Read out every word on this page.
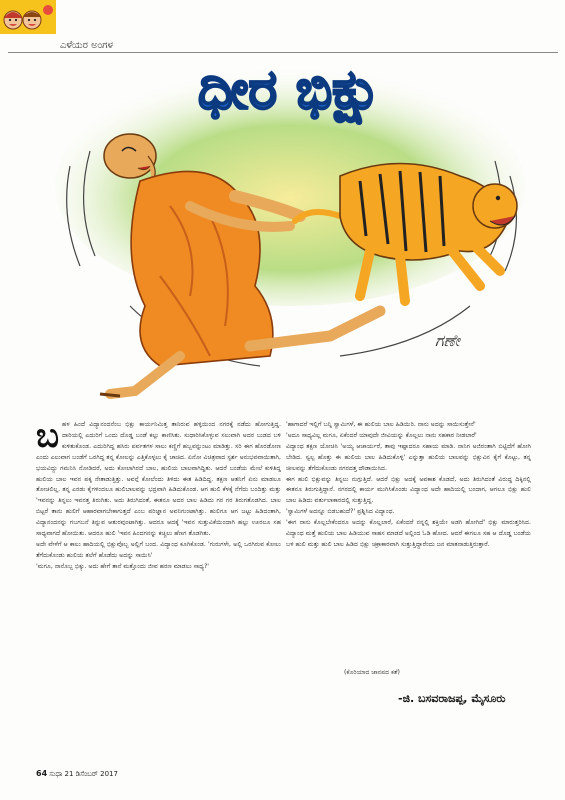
ಎಳೆಯರ ಅಂಗಳ
ಧೀರ ಭಿಕ್ಷು
ಗಣೇ
ಬ ಹಳ ಹಿಂದೆ ವಿದ್ಯಾನಂದನೆಂಬ ಭಿಕ್ಷು ಕಾರ್ಯನಿಮಿತ್ತ ತಾನಿರುವ ಹಳ್ಳಿಯಿಂದ ನಗರಕ್ಕೆ ನಡೆದು ಹೋಗುತ್ತಿದ್ದ. ದಾರಿಯಲ್ಲಿ ಎದುರಿಗೆ ಒಂದು ದೊಡ್ಡ ಬಂಡೆ ಕಲ್ಲು ಕಾಣಿಸಿತು. ಸುಧಾರಿಸಿಕೊಳ್ಳುವ ಸಲುವಾಗಿ ಅದರ ಬುಡದ ಬಳಿ ಕುಳಿತುಕೊಂಡ. ಎದುರಿಗಿದ್ದ ಹಸಿರು ಪರ್ವತಗಳ ಸಾಲು ಕಣ್ಣಿಗೆ ಹಬ್ಬವನ್ನುಂಟು ಮಾಡಿತ್ತು. ಸರಿ ಈಗ ಹೊರಡೋಣ ಎಂದು ಎಲುವಾಗ ಬಂಡೆಗೆ ಒರಗಿದ್ದ ತನ್ನ ಕೋಲನ್ನು ಎತ್ತಿಕೊಳ್ಳಲು ಕೈ ಚಾಚಿದ. ಏನೋ ವಿಚಿತ್ರವಾದ ಸ್ಪರ್ಶ ಅನುಭವವಾಯಿತಾಗಿ, ಭಯವಿದ್ದು ಗಮನಿಸಿ ನೋಡಿದರೆ, ಅದು ಕೋಲಾಗಿರದೆ ಬಾಲ, ಹುಲಿಯ ಬಾಲವಾಗಿದ್ದಿತು. ಆದರೆ ಬಂಡೆಯ ಮೇಲೆ ಕುಳಿತಿದ್ದ ಹುಲಿಯ ಬಾಲ ಇವನ ಪಕ್ಕ ನೇತಾಡುತ್ತಿತ್ತು. ಅವನ್ಗೆ ಕೋಲೆಂದು ತಿಳಿದು ಈತ ಹಿಡಿದಿದ್ದ. ತಕ್ಷಣ ಆತನಿಗೆ ಏನು ಮಾಡಲೂ ತೋಚಲಿಲ್ಲ. ತನ್ನ ಎರಡು ಕೈಗಳಿಂದಲೂ ಹುಲಿಬಾಲವನ್ನು ಭದ್ರವಾಗಿ ಹಿಡಿದುಕೊಂಡ. ಆಗ ಹುಲಿ ಕೆಳಕ್ಕೆ ನೆಗೆದು ಬಂದಿತ್ತು ಮತ್ತು 'ಇವನನ್ನು ತಿನ್ನಲು ಇವನತ್ತ ತಿರುಗಿತು. ಅದು ತಿರುಗಿದಂತೆ, ಈತನೂ ಅದರ ಬಾಲ ಹಿಡಿದು ಗರ ಗರ ತಿರುಗತೊಡಗಿದ. ಬಾಲ ಬಿಟ್ಟರೆ ತಾನು ಹುಲಿಗೆ ಆಹಾರವಾಗಬೇಕಾಗುತ್ತದೆ ಎಂಬ ಪರಿಜ್ಞಾನ ಅವನಿಗುಂಟಾಗಿತ್ತು. ಹುಲಿಗೂ ಆಗ ಜಟ್ಟು ಹಿಡಿದಂತಾಗಿ, ವಿದ್ಯಾನಂದನನ್ನು ಗಬಗಬನೆ ತಿನ್ನುವ ಆತುರವುಂಟಾಗಿತ್ತು. ಆದರೂ ಆದಕ್ಕೆ 'ಇವನ ಸುತ್ತುವಿಕೆಯಿಂದಾಗಿ ಹಲ್ಲು ಊರಲೂ ಸಹ ಸಾಧ್ಯವಾಗದೆ ಹೋಯಿತು. ಆದರೂ ಹುಲಿ 'ಇವನ ಹಿಂದಗನನ್ನು ಕಚ್ಚಲು ಹೆಣಗ ತೊಡಗಿತು.

ಅದೇ ವೇಳೆಗೆ ಆ ಕಾಲು ಹಾದಿಯಲ್ಲಿ ಭಿಕ್ಷುವೊಬ್ಬ ಅಲ್ಲಿಗೆ ಬಂದ. ವಿದ್ಯಾಂಧ ಕೂಗಿಕೊಂಡ. 'ಗುರುಗಳೇ, ಅಲ್ಲಿ ಒರಗಿರುವ ಕೋಲು ತೆಗೆದುಕೊಂಡು ಹುಲಿಯ ತಲೆಗೆ ಹೊಡೆದು ಅದನ್ನು ಸಾಯಿಸಿ'

'ಮಗೂ, ನಾನೊಬ್ಬ ಭಿಕ್ಕು. ಅದು ಹೇಗೆ ತಾನೆ ಮತ್ತೊಂದು ಜೀವ ಹರಣ ಮಾಡಲು ಸಾಧ್ಯ?'

'ಹಾಗಾದರೆ ಇಲ್ಲಿಗೆ ಬನ್ನಿ ಸ್ವಾಮಿಗಳೆ, ಈ ಹುಲಿಯ ಬಾಲ ಹಿಡಿಯಿರಿ. ನಾನು ಅದನ್ನು ಸಾಯಿಸುತ್ತೇನೆ'

'ಅದೂ ಸಾಧ್ಯವಿಲ್ಲ ಮಗೂ, ಏಕೆಂದರೆ ಯಾವುದೇ ಜೀವಿಯನ್ನು ಕೊಲ್ಲಲು ನಾನು ಸಹಕಾರ ನೀಡಲಾರೆ'

ವಿದ್ಯಾಂಧ ತಕ್ಷಣ ಯೋಚಿಸಿ 'ಅಯ್ಯ ಆಚಾರ್ಯರೆ, ತಾವು ಇಷ್ಟಾದರೂ ಸಹಾಯ ಮಾಡಿ. ನಾನಿಗ ಅಜಿರಂತಾಗಿ ಬಿಟ್ಟಿದೆಗೆ ಹೋಗಿ ಬೇಡಿದ. ಸ್ವಲ್ಪ ಹೊತ್ತು ಈ ಹುಲಿಯ ಬಾಲ ಹಿಡಿದುಕೊಳ್ಳಿ' ಎನ್ನುತ್ತಾ ಹುಲಿಯ ಬಾಲವನ್ನು ಭಿಕ್ಷುವಿನ ಕೈಗೆ ಕೊಟ್ಟು, ತನ್ನ ಚೀಲವನ್ನು ತೆಗೆದುಕೊಂಡು ನಗರದತ್ತ ದೌಡಾಯಿಸಿದ.

ಈಗ ಹುಲಿ ಭಿಕ್ಷುವನ್ನು ತಿನ್ನಲು ನುಗ್ಗುತ್ತಿದೆ. ಆದರೆ ಭಿಕ್ಷು ಅದಕ್ಕೆ ಅವಕಾಶ ಕೊಡದೆ, ಅದು ತಿರುಗಿದಂತೆ ವಿರುದ್ಧ ದಿಕ್ಕಿನಲ್ಲಿ ಈತನೂ ತಿರುಗುತ್ತಿದ್ದಾನೆ. ನಗರದಲ್ಲಿ ಕಾರ್ಯ ಮುಗಿಸಿಕೊಂಡು ವಿದ್ಯಾಂಧ ಅದೇ ಹಾದಿಯಲ್ಲಿ ಬಂದಾಗ, ಆಗಲೂ ಭಿಕ್ಷು ಹುಲಿ ಬಾಲ ಹಿಡಿದು ವರ್ತುಲಾಕಾರದಲ್ಲಿ ಸುತ್ತುತ್ತಿದ್ದ.

'ಸ್ವಾಮಿಗಳೆ ಅದನ್ನೂ ಬಿಡಬಹುದೆ?' ಪ್ರಶ್ನಿಸಿದ ವಿದ್ಯಾಂಧ.

'ಈಗ ನಾನು ಕೊಲ್ಲಬೇಕೆಂದರೂ ಅದನ್ನು ಕೊಲ್ಲಲಾರೆ, ಏಕೆಂದರೆ ನನ್ನಲ್ಲಿ ಶಕ್ತಿಯೇ ಅಡಗಿ ಹೋಗಿದೆ' ಭಿಕ್ಷು ಮಾರುತ್ತರಿಸಿದ. ವಿದ್ಯಾಂಧ ಮತ್ತೆ ಹುಲಿಯ ಬಾಲ ಹಿಡಿಯುವ ಸಾಹಸ ಮಾಡದೆ ಅಲ್ಲಿಂದ ಓಡಿ ಹೋದ. ಆದರೆ ಈಗಲೂ ಸಹ ಆ ದೊಡ್ಡ ಬಂಡೆಯ ಬಳಿ ಹುಲಿ ಮತ್ತು ಹುಲಿ ಬಾಲ ಹಿಡಿದ ಭಿಕ್ಷು ಚಕ್ರಾಕಾರವಾಗಿ ಸುತ್ತುತ್ತಿದ್ದಾರೆಂದು ಜನ ಮಾತನಾಡುತ್ತಿರುತ್ತಾರೆ.

(ಕೊರಿಯಾದ ಜಾನಪದ ಕತೆ)
-ಜಿ. ಬಸವರಾಜಪ್ಪ, ಮೈಸೂರು
64 ಸುಧಾ 21 ಡಿಸೆಂಬರ್ 2017
